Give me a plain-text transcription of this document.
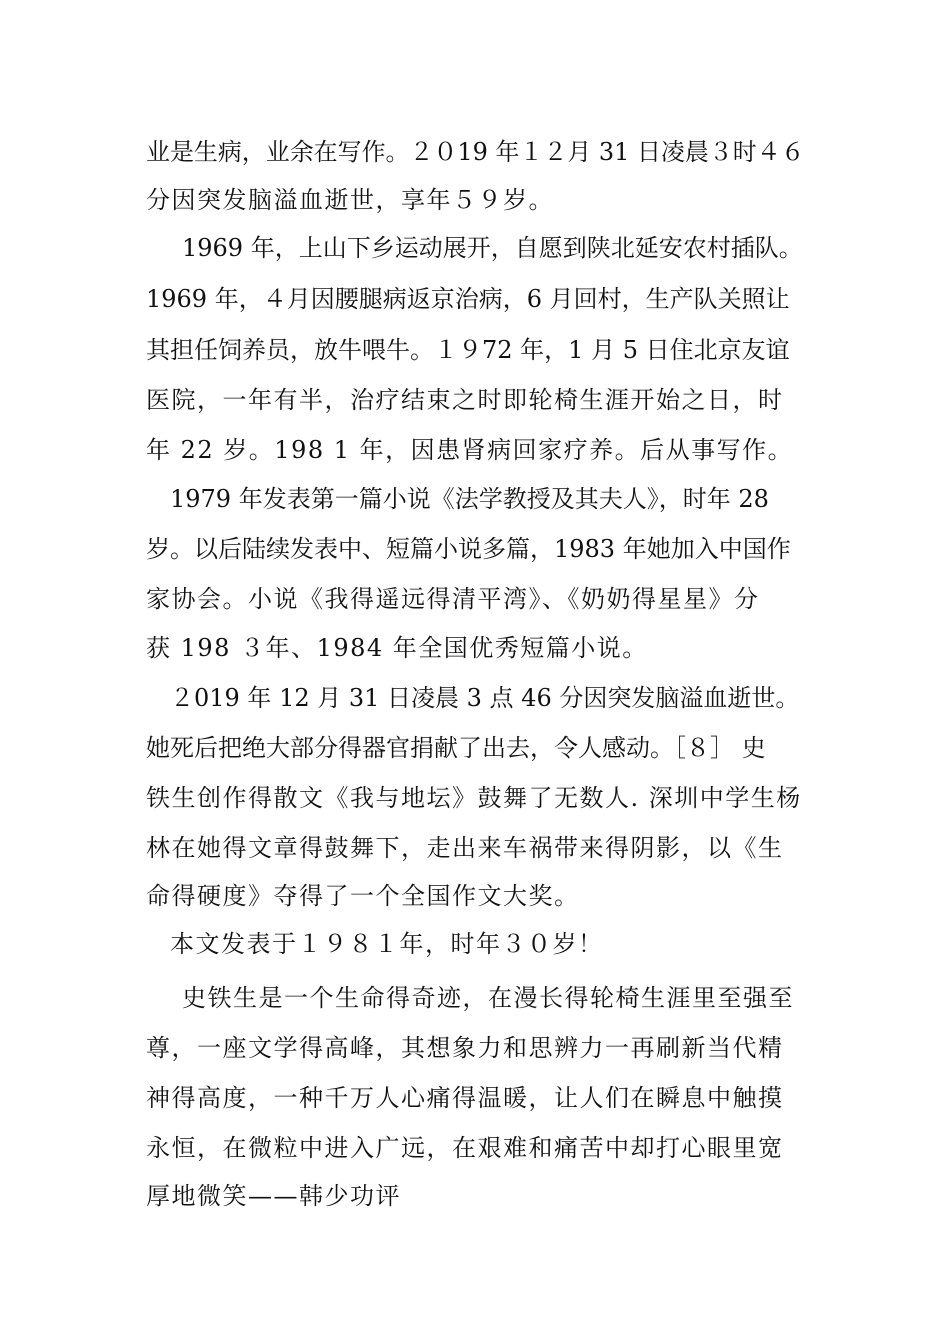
业是生病，业余在写作。２０19 年１２月 31 日凌晨３时４６
分因突发脑溢血逝世，享年５９岁。
1969 年，上山下乡运动展开，自愿到陕北延安农村插队。
1969 年，４月因腰腿病返京治病，6 月回村，生产队关照让
其担任饲养员，放牛喂牛。１９72 年，1 月 5 日住北京友谊
医院，一年有半，治疗结束之时即轮椅生涯开始之日，时
年 22 岁。198 1 年，因患肾病回家疗养。后从事写作。
1979 年发表第一篇小说《法学教授及其夫人》，时年 28
岁。以后陆续发表中、短篇小说多篇，1983 年她加入中国作
家协会。小说《我得遥远得清平湾》、《奶奶得星星》分
获 198 ３年、1984 年全国优秀短篇小说。
２019 年 12 月 31 日凌晨 3 点 46 分因突发脑溢血逝世。
她死后把绝大部分得器官捐献了出去，令人感动。［８］ 史
铁生创作得散文《我与地坛》鼓舞了无数人. 深圳中学生杨
林在她得文章得鼓舞下，走出来车祸带来得阴影，以《生
命得硬度》夺得了一个全国作文大奖。
本文发表于１９８１年，时年３０岁！
史铁生是一个生命得奇迹，在漫长得轮椅生涯里至强至
尊，一座文学得高峰，其想象力和思辨力一再刷新当代精
神得高度，一种千万人心痛得温暖，让人们在瞬息中触摸
永恒，在微粒中进入广远，在艰难和痛苦中却打心眼里宽
厚地微笑——韩少功评
